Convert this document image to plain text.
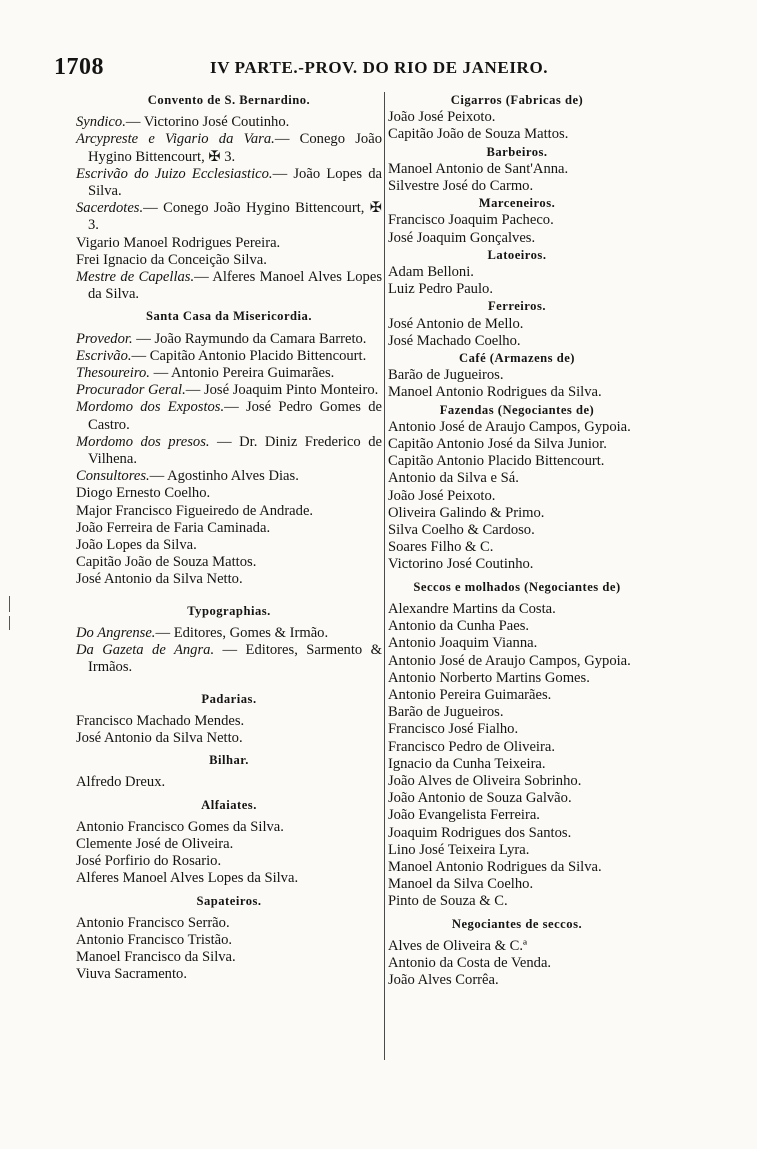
1708	IV PARTE.-PROV. DO RIO DE JANEIRO.

Convento de S. Bernardino.

Syndico.— Victorino José Coutinho.

Arcypreste e Vigario da Vara.— Conego João Hygino Bittencourt, ✠ 3.

Escrivão do Juizo Ecclesiastico.— João Lopes da Silva.

Sacerdotes.— Conego João Hygino Bittencourt, ✠ 3.

Vigario Manoel Rodrigues Pereira.

Frei Ignacio da Conceição Silva.

Mestre de Capellas.— Alferes Manoel Alves Lopes da Silva.

Santa Casa da Misericordia.

Provedor. — João Raymundo da Camara Barreto.

Escrivão.— Capitão Antonio Placido Bittencourt.

Thesoureiro. — Antonio Pereira Guimarães.

Procurador Geral.— José Joaquim Pinto Monteiro.

Mordomo dos Expostos.— José Pedro Gomes de Castro.

Mordomo dos presos. — Dr. Diniz Frederico de Vilhena.

Consultores.— Agostinho Alves Dias.

Diogo Ernesto Coelho.

Major Francisco Figueiredo de Andrade.

João Ferreira de Faria Caminada.

João Lopes da Silva.

Capitão João de Souza Mattos.

José Antonio da Silva Netto.

Typographias.

Do Angrense.— Editores, Gomes & Irmão.

Da Gazeta de Angra. — Editores, Sarmento & Irmãos.

Padarias.

Francisco Machado Mendes.

José Antonio da Silva Netto.

Bilhar.

Alfredo Dreux.

Alfaiates.

Antonio Francisco Gomes da Silva.

Clemente José de Oliveira.

José Porfirio do Rosario.

Alferes Manoel Alves Lopes da Silva.

Sapateiros.

Antonio Francisco Serrão.

Antonio Francisco Tristão.

Manoel Francisco da Silva.

Viuva Sacramento.

Cigarros (Fabricas de)

João José Peixoto.

Capitão João de Souza Mattos.

Barbeiros.

Manoel Antonio de Sant'Anna.

Silvestre José do Carmo.

Marceneiros.

Francisco Joaquim Pacheco.

José Joaquim Gonçalves.

Latoeiros.

Adam Belloni.

Luiz Pedro Paulo.

Ferreiros.

José Antonio de Mello.

José Machado Coelho.

Café (Armazens de)

Barão de Jugueiros.

Manoel Antonio Rodrigues da Silva.

Fazendas (Negociantes de)

Antonio José de Araujo Campos, Gypoia.

Capitão Antonio José da Silva Junior.

Capitão Antonio Placido Bittencourt.

Antonio da Silva e Sá.

João José Peixoto.

Oliveira Galindo & Primo.

Silva Coelho & Cardoso.

Soares Filho & C.

Victorino José Coutinho.

Seccos e molhados (Negociantes de)

Alexandre Martins da Costa.

Antonio da Cunha Paes.

Antonio Joaquim Vianna.

Antonio José de Araujo Campos, Gypoia.

Antonio Norberto Martins Gomes.

Antonio Pereira Guimarães.

Barão de Jugueiros.

Francisco José Fialho.

Francisco Pedro de Oliveira.

Ignacio da Cunha Teixeira.

João Alves de Oliveira Sobrinho.

João Antonio de Souza Galvão.

João Evangelista Ferreira.

Joaquim Rodrigues dos Santos.

Lino José Teixeira Lyra.

Manoel Antonio Rodrigues da Silva.

Manoel da Silva Coelho.

Pinto de Souza & C.

Negociantes de seccos.

Alves de Oliveira & C.ª

Antonio da Costa de Venda.

João Alves Corrêa.
